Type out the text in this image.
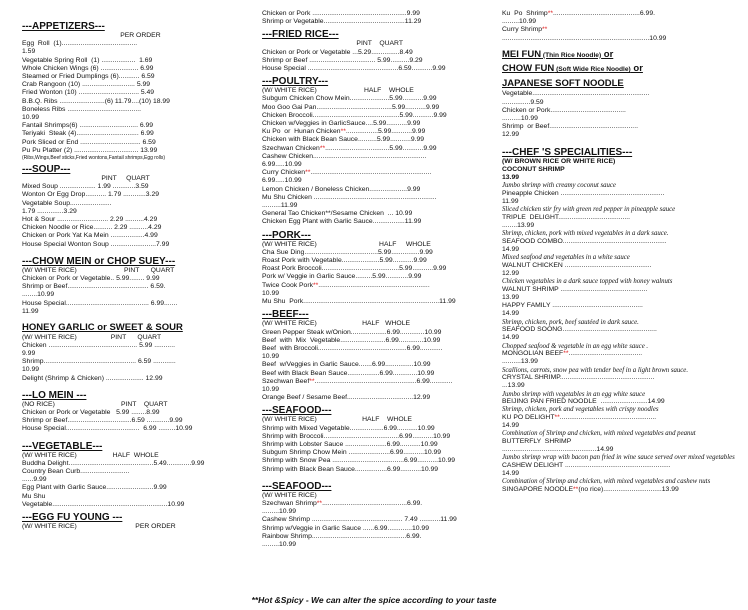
---APPETIZERS---
PER ORDER
Egg  Roll  (1)........................................
1.59
Vegetable Spring Roll  (1) ..................  1.69
Whole Chicken Wings (6) .................... 6.99
Steamed or Fried Dumplings (6)........... 6.59
Crab Rangoon (10) ............................ 5.99
Fried Wonton (10) ................................ 5.49
B.B.Q. Ribs ........................(6) 11.79....(10) 18.99
Boneless Ribs .......................................
10.99
Fantail Shrimps(6) ............................... 6.99
Teriyaki  Steak (4)................................. 6.99
Pork Sliced or End ................................ 6.59
Pu Pu Platter (2) .................................. 13.99
(Ribs,Wings,Beef sticks,Fried wontons,Fantail shrimps,Egg rolls)
---SOUP---
PINT     QUART
Mixed Soup ................... 1.99 ............3.59
Wonton Or Egg Drop........... 1.79 ............3.29
Vegetable Soup......................
1.79 ..............3.29
Hot & Sour ........................... 2.29 ..........4.29
Chicken Noodle or Rice.......... 2.29 ..........4.29
Chicken or Pork Yat Ka Mein ..................4.99
House Special Wonton Soup ........................7.99
---CHOW MEIN or CHOP SUEY---
(W/ WHITE RICE)                         PINT      QUART
Chicken or Pork or Vegetable.. 5.99........ 9.99
Shrimp or Beef........................................... 6.59.
........10.99
House Special............................................ 6.99.......
11.99
HONEY GARLIC or SWEET & SOUR
(W/ WHITE RICE)                  PINT      QUART
Chicken ............................................... 5.99 ...........
9.99
Shrimp................................................. 6.59 ............
10.99
Delight (Shrimp & Chicken) .................... 12.99
---LO MEIN ---
(NO RICE)                                   PINT    QUART
Chicken or Pork or Vegetable   5.99 ........8.99
Shrimp or Beef..................................6.59 ............9.99
House Special.......................................  6.99 .........10.99
---VEGETABLE---
(W/ WHITE RICE)                   HALF  WHOLE
Buddha Delight.............................................5.49.............9.99
Country Bean Curb..........................
......9.99
Egg Plant with Garlic Sauce.........................9.99
Mu Shu
Vegetable.............................................................10.99
---EGG FU YOUNG ---
(W/ WHITE RICE)                               PER ORDER
Chicken or Pork ..................................................9.99
Shrimp or Vegetable...........................................11.29
---FRIED RICE---
PINT    QUART
Chicken or Pork or Vegetable ...5.29...............8.49
Shrimp or Beef ................................... 5.99..........9.29
House Special ................................................6.59...........9.99
---POULTRY---
(W/ WHITE RICE)                         HALF    WHOLE
Subgum Chicken Chow Mein.....................5.99...........9.99
Moo Goo Gai Pan........................................5.99...........9.99
Chicken Broccoli..............................................5.99...........9.99
Chicken w/Veggies in GarlicSauce....5.99...........9.99
Ku Po  or  Hunan Chicken**.................5.99...........9.99
Chicken with Black Bean Sauce..........5.99...........9.99
Szechwan Chicken**..................................5.99...........9.99
Cashew Chicken............................................................
6.99.....10.99
Curry Chicken**................................................................
6.99.....10.99
Lemon Chicken / Boneless Chicken....................9.99
Mu Shu Chicken .................................................................
..........11.99
General Tao Chicken**/Sesame Chicken  ... 10.99
Chicken Egg Plant with Garlic Sauce.................11.99
---PORK---
(W/ WHITE RICE)                                 HALF     WHOLE
Cha Sue Ding.......................................5.99...............9.99
Roast Pork with Vegetable....................5.99...........9.99
Roast Pork Broccoli.........................................5.99...........9.99
Pork w/ Veggie in Garlic Sauce.........5.99............9.99
Twice Cook Pork**...........................................................
10.99
Mu Shu  Pork........................................................................11.99
---BEEF---
(W/ WHITE RICE)                        HALF   WHOLE
Green Pepper Steak w/Onion...................6.99.............10.99
Beef  with  Mix  Vegetable........................6.99.............10.99
Beef  with Broccoli...............................................6.99............
10.99
Beef  w/Veggies in Garlic Sauce.......6.99...............10.99
Beef with Black Bean Sauce.................6.99.............10.99
Szechwan Beef**......................................................6.99............
10.99
Orange Beef / Sesame Beef...................................12.99
---SEAFOOD---
(W/ WHITE RICE)                        HALF    WHOLE
Shrimp with Mixed Vegetable..................6.99...........10.99
Shrimp with Broccoli........................................6.99...........10.99
Shrimp with Lobster Sauce ......................6.99...........10.99
Subgum Shrimp Chow Mein ......................6.99...........10.99
Shrimp with Snow Pea ......................................6.99...........10.99
Shrimp with Black Bean Sauce.................6.99...........10.99
---SEAFOOD---
(W/ WHITE RICE)
Szechwan Shrimp**.............................................6.99.
.........10.99
Cashew Shrimp ................................................ 7.49 ...........11.99
Shrimp w/Veggie in Garlic Sauce ......6.99.............10.99
Rainbow Shrimp..................................................6.99.
.........10.99
Ku  Po  Shrimp**..............................................6.99.
.........10.99
Curry Shrimp**
..............................................................................10.99
MEI FUN (Thin Rice Noodle) or
CHOW FUN (Soft Wide Rice Noodle) or
JAPANESE SOFT NOODLE
Vegetable..............................................................
...............9.59
Chicken or Pork........................................
..........10.99
Shrimp  or Beef...............................................
12.99
---CHEF 'S SPECIALITIES---
(W/ BROWN RICE OR WHITE RICE)
COCONUT SHRIMP
13.99
Jumbo shrimp with creamy coconut sauce
Pineapple Chicken .......................................................
11.99
Sliced chicken stir fry with green red pepper in pineapple sauce
TRIPLE  DELIGHT......................................
........13.99
Shrimp, chicken, pork with mixed vegetables in a dark sauce.
SEAFOOD COMBO.......................................................
14.99
Mixed seafood and vegetables in a white sauce
WALNUT CHICKEN ..............................................
12.99
Chicken vegetables in a dark sauce topped with honey walnuts
WALNUT SHRIMP ..............................................
13.99
HAPPY FAMILY ................................................
14.99
Shrimp, chicken, pork, beef sautéed in dark sauce.
SEAFOOD SOONG..................................................
14.99
Chopped seafood & vegetable in an egg white sauce .
MONGOLIAN BEEF**.......................................
..........13.99
Scallions, carrots, snow pea with tender beef in a light brown sauce.
CRYSTAL SHRIMP..................................................
...13.99
Jumbo shrimp with vegetables in an egg white sauce
BEIJING PAN FRIED NOODLE  .........................14.99
Shrimp, chicken, pork and vegetables with crispy noodles
KU PO DELIGHT**...................................................
14.99
Combination of Shrimp and chicken, with mixed vegetables and peanut
BUTTERFLY  SHRIMP
..................................................14.99
Jumbo shrimp wrap with bacon pan fried in wine sauce served over mixed vegetables
CASHEW DELIGHT ........................................................
14.99
Combination of Shrimp and chicken, with mixed vegetables and cashew nuts
SINGAPORE NOODLE**(no rice)...............................13.99
**Hot &Spicy - We can alter the spice according to your taste
